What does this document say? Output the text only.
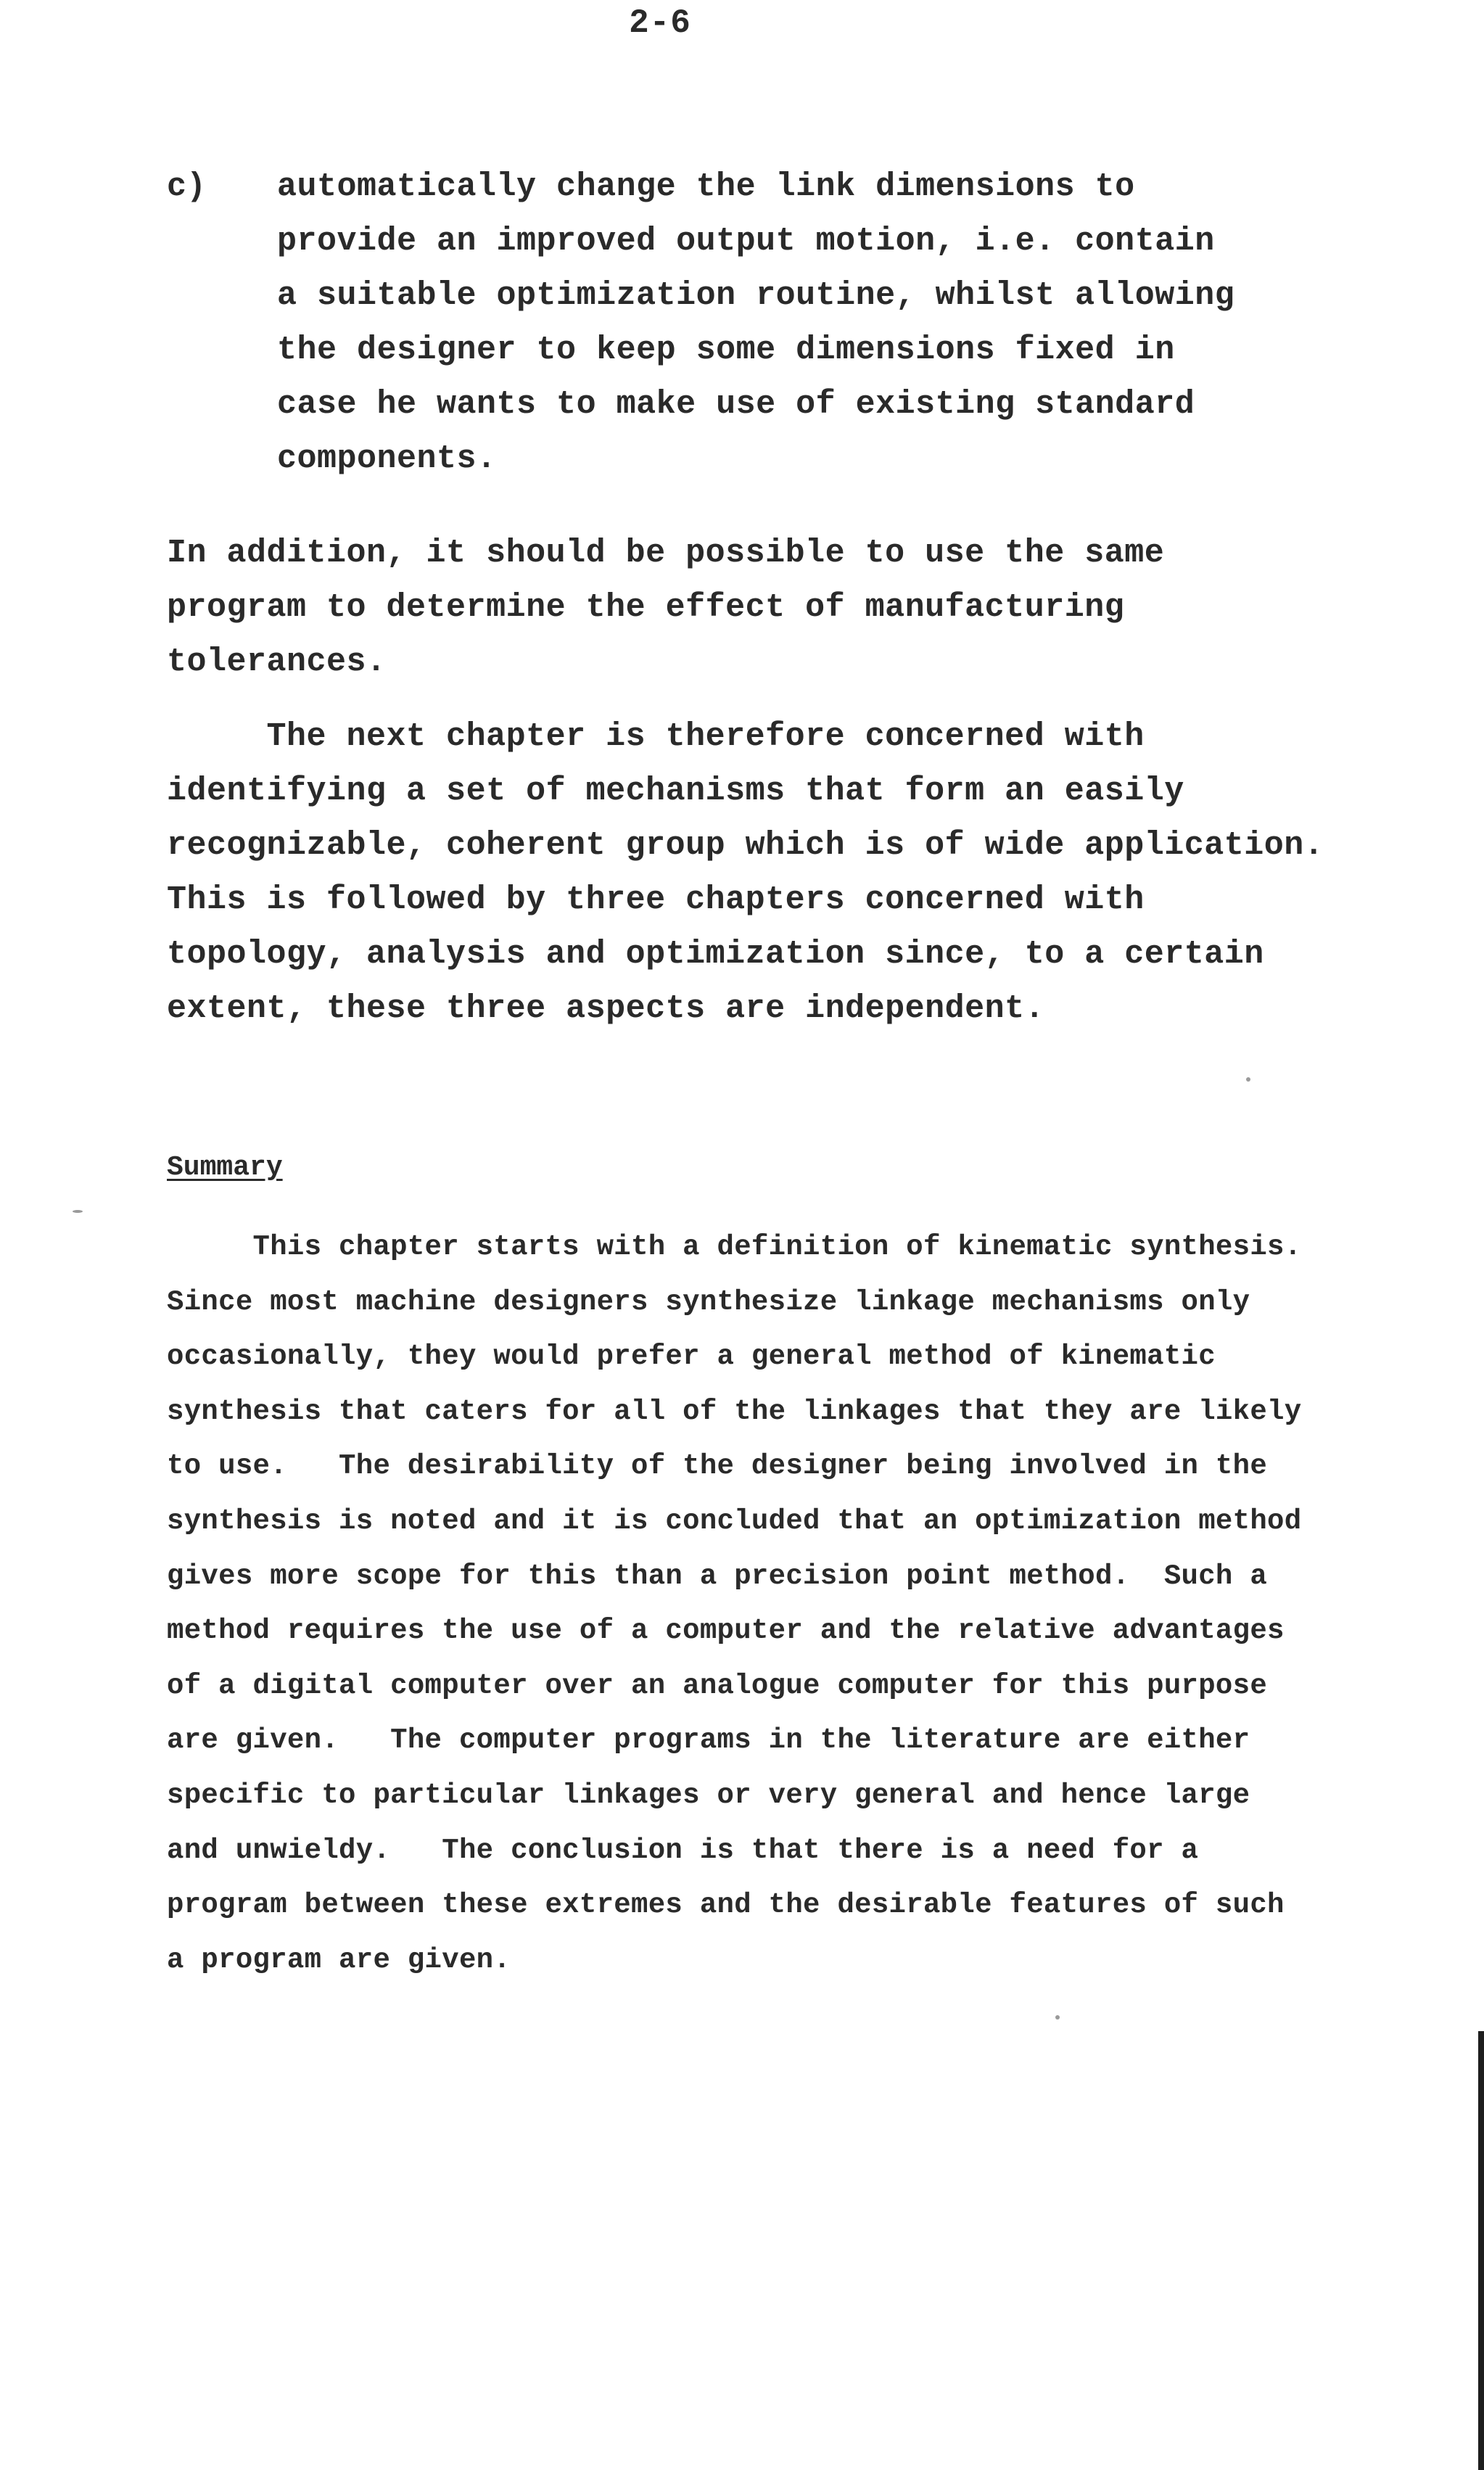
2-6
c) automatically change the link dimensions to
provide an improved output motion, i.e. contain
a suitable optimization routine, whilst allowing
the designer to keep some dimensions fixed in
case he wants to make use of existing standard
components.
In addition, it should be possible to use the same
program to determine the effect of manufacturing
tolerances.
The next chapter is therefore concerned with
identifying a set of mechanisms that form an easily
recognizable, coherent group which is of wide application.
This is followed by three chapters concerned with
topology, analysis and optimization since, to a certain
extent, these three aspects are independent.
Summary
This chapter starts with a definition of kinematic synthesis.
Since most machine designers synthesize linkage mechanisms only
occasionally, they would prefer a general method of kinematic
synthesis that caters for all of the linkages that they are likely
to use.   The desirability of the designer being involved in the
synthesis is noted and it is concluded that an optimization method
gives more scope for this than a precision point method.  Such a
method requires the use of a computer and the relative advantages
of a digital computer over an analogue computer for this purpose
are given.   The computer programs in the literature are either
specific to particular linkages or very general and hence large
and unwieldy.   The conclusion is that there is a need for a
program between these extremes and the desirable features of such
a program are given.
